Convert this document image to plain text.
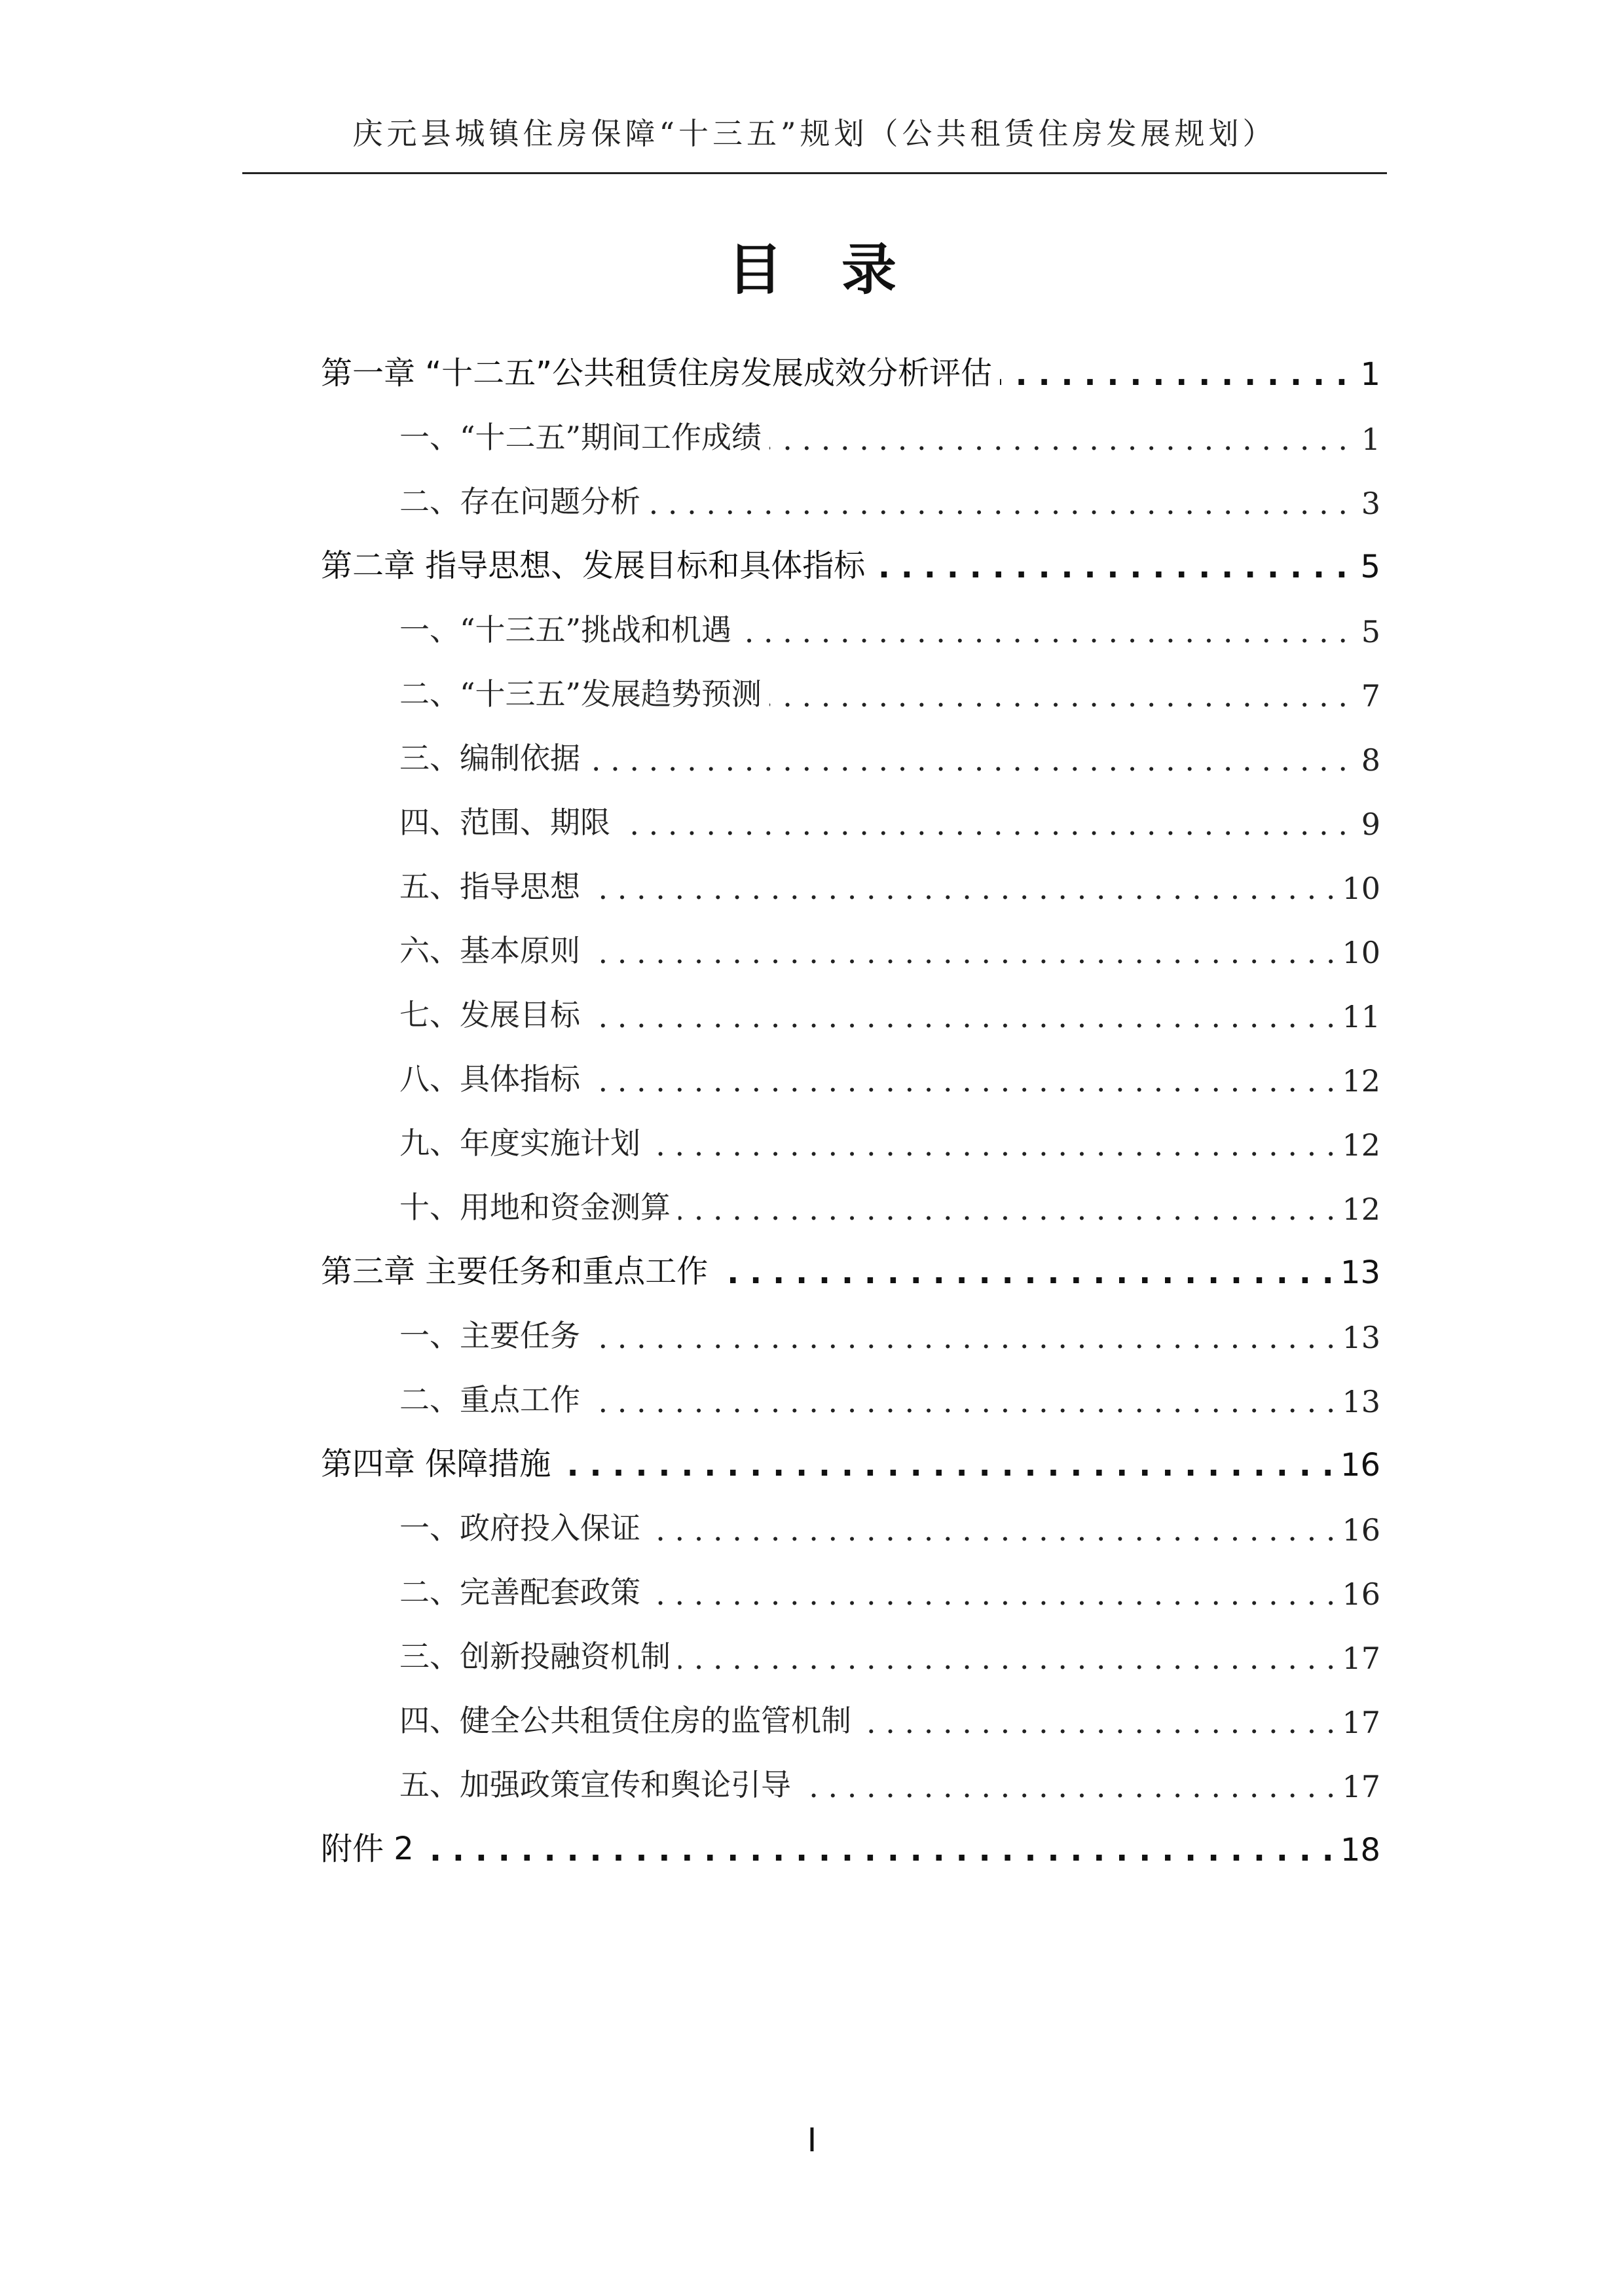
庆元县城镇住房保障“十三五”规划（公共租赁住房发展规划）
目录
第一章 “十二五”公共租赁住房发展成效分析评估 . . .	1
一、“十二五”期间工作成绩 . . .	1
二、存在问题分析 . . .	3
第二章 指导思想、发展目标和具体指标 . . .	5
一、“十三五”挑战和机遇 . . .	5
二、“十三五”发展趋势预测 . . .	7
三、编制依据 . . .	8
四、范围、期限 . . .	9
五、指导思想 . . .	10
六、基本原则 . . .	10
七、发展目标 . . .	11
八、具体指标 . . .	12
九、年度实施计划 . . .	12
十、用地和资金测算 . . .	12
第三章 主要任务和重点工作 . . .	13
一、主要任务 . . .	13
二、重点工作 . . .	13
第四章 保障措施 . . .	16
一、政府投入保证 . . .	16
二、完善配套政策 . . .	16
三、创新投融资机制 . . .	17
四、健全公共租赁住房的监管机制 . . .	17
五、加强政策宣传和舆论引导 . . .	17
附件 2 . . .	18
I
